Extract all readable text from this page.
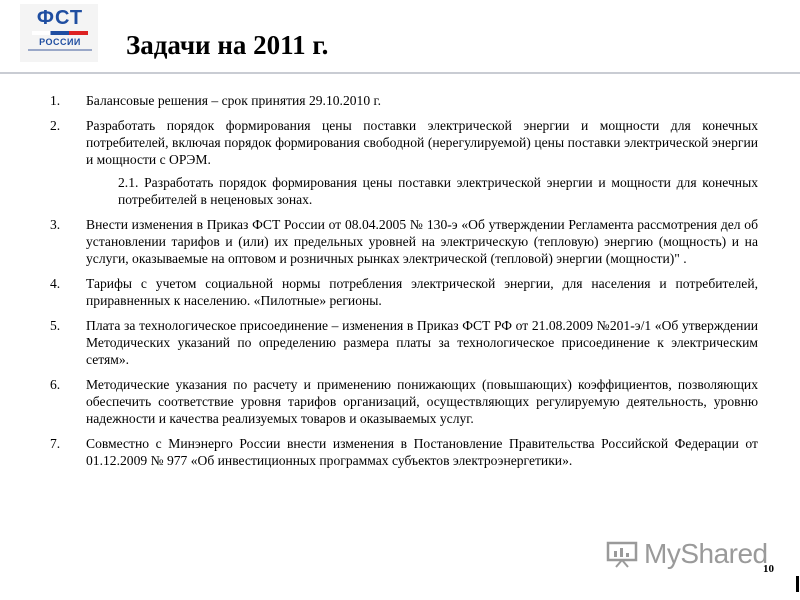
ФСТ
РОССИИ	Задачи на 2011 г.
1.	Балансовые решения – срок принятия 29.10.2010 г.
2.	Разработать порядок формирования цены поставки электрической энергии и мощности для конечных потребителей, включая порядок формирования свободной (нерегулируемой) цены поставки электрической энергии и мощности с ОРЭМ.
2.1. Разработать порядок формирования цены поставки электрической энергии и мощности для конечных потребителей в неценовых зонах.
3.	Внести изменения в Приказ ФСТ России от 08.04.2005 № 130-э «Об утверждении Регламента рассмотрения дел об установлении тарифов и (или) их предельных уровней на электрическую (тепловую) энергию (мощность) и на услуги, оказываемые на оптовом и розничных рынках электрической (тепловой) энергии (мощности)" .
4.	Тарифы с учетом социальной нормы потребления электрической энергии, для населения и потребителей, приравненных к населению. «Пилотные» регионы.
5.	Плата за технологическое присоединение – изменения в Приказ ФСТ РФ от 21.08.2009 №201-э/1 «Об утверждении Методических указаний по определению размера платы за технологическое присоединение к электрическим сетям».
6.	Методические указания по расчету и применению понижающих (повышающих) коэффициентов, позволяющих обеспечить соответствие уровня тарифов организаций, осуществляющих регулируемую деятельность, уровню надежности и качества реализуемых товаров и оказываемых услуг.
7.	Совместно с Минэнерго России внести изменения в Постановление Правительства Российской Федерации от 01.12.2009 № 977 «Об инвестиционных программах субъектов электроэнергетики».
MyShared
10
